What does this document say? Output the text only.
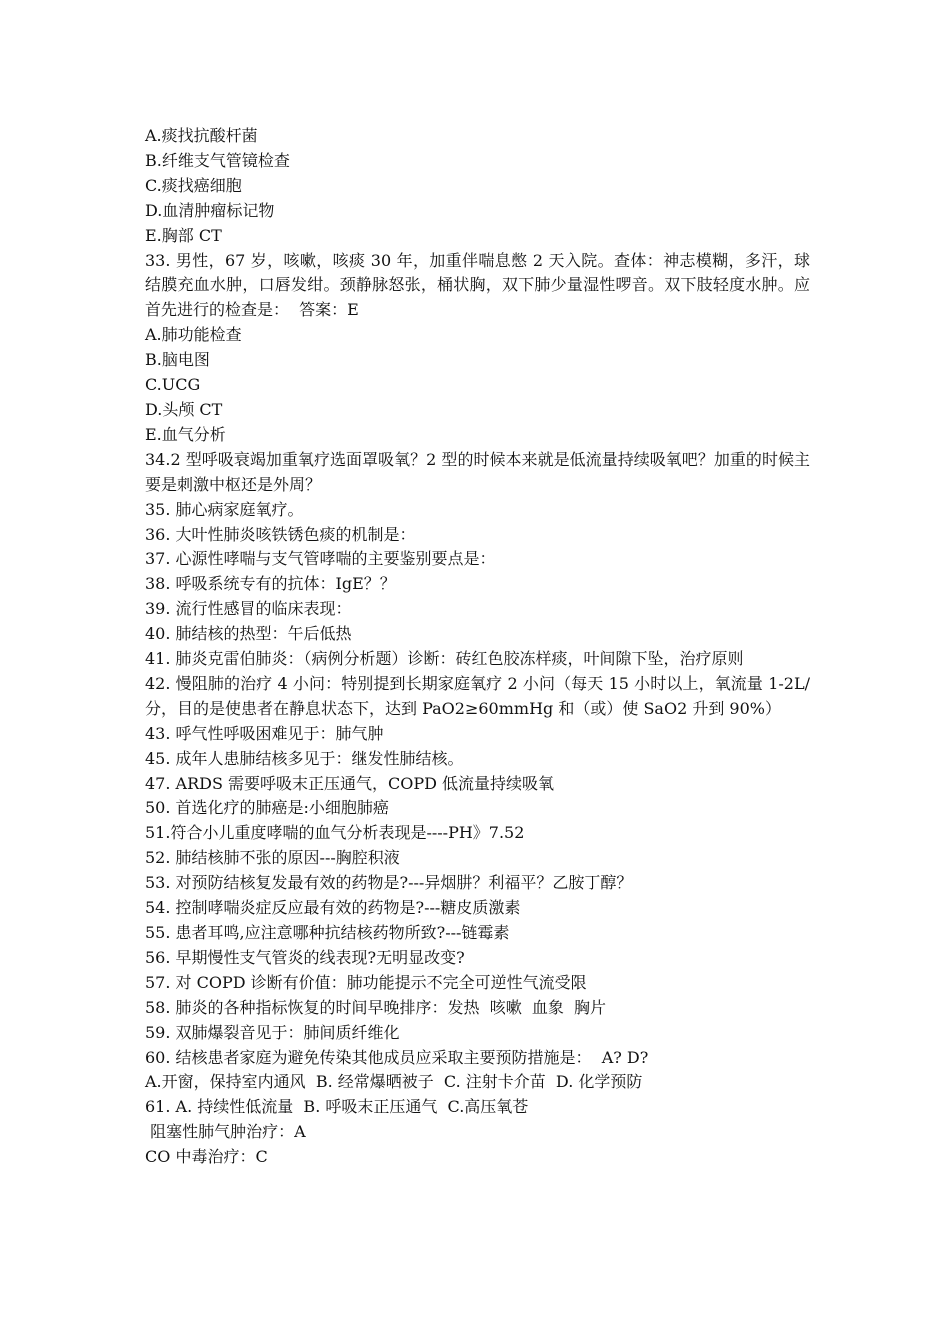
A.痰找抗酸杆菌

B.纤维支气管镜检查

C.痰找癌细胞

D.血清肿瘤标记物

E.胸部 CT

33. 男性，67 岁，咳嗽，咳痰 30 年，加重伴喘息憋 2 天入院。查体：神志模糊，多汗，球结膜充血水肿，口唇发绀。颈静脉怒张，桶状胸，双下肺少量湿性啰音。双下肢轻度水肿。应首先进行的检查是：  答案：E

A.肺功能检查

B.脑电图

C.UCG

D.头颅 CT

E.血气分析

34.2 型呼吸衰竭加重氧疗选面罩吸氧？2 型的时候本来就是低流量持续吸氧吧？加重的时候主要是刺激中枢还是外周？

35. 肺心病家庭氧疗。

36. 大叶性肺炎咳铁锈色痰的机制是：

37. 心源性哮喘与支气管哮喘的主要鉴别要点是：

38. 呼吸系统专有的抗体：IgE？？

39. 流行性感冒的临床表现：

40. 肺结核的热型：午后低热

41. 肺炎克雷伯肺炎：（病例分析题）诊断：砖红色胶冻样痰，叶间隙下坠，治疗原则

42. 慢阻肺的治疗 4 小问：特别提到长期家庭氧疗 2 小问（每天 15 小时以上，氧流量 1-2L/分，目的是使患者在静息状态下，达到 PaO2≥60mmHg 和（或）使 SaO2 升到 90%）

43. 呼气性呼吸困难见于：肺气肿

45. 成年人患肺结核多见于：继发性肺结核。

47. ARDS 需要呼吸末正压通气，COPD 低流量持续吸氧

50. 首选化疗的肺癌是:小细胞肺癌

51.符合小儿重度哮喘的血气分析表现是----PH》7.52

52. 肺结核肺不张的原因---胸腔积液

53. 对预防结核复发最有效的药物是?---异烟肼？利福平？乙胺丁醇？

54. 控制哮喘炎症反应最有效的药物是?---糖皮质激素

55. 患者耳鸣,应注意哪种抗结核药物所致?---链霉素

56. 早期慢性支气管炎的线表现?无明显改变?

57. 对 COPD 诊断有价值：肺功能提示不完全可逆性气流受限

58. 肺炎的各种指标恢复的时间早晚排序：发热  咳嗽  血象  胸片

59. 双肺爆裂音见于：肺间质纤维化

60. 结核患者家庭为避免传染其他成员应采取主要预防措施是：  A? D?

A.开窗，保持室内通风  B. 经常爆晒被子  C. 注射卡介苗  D. 化学预防

61. A. 持续性低流量  B. 呼吸末正压通气  C.高压氧苍

阻塞性肺气肿治疗：A

CO 中毒治疗：C
